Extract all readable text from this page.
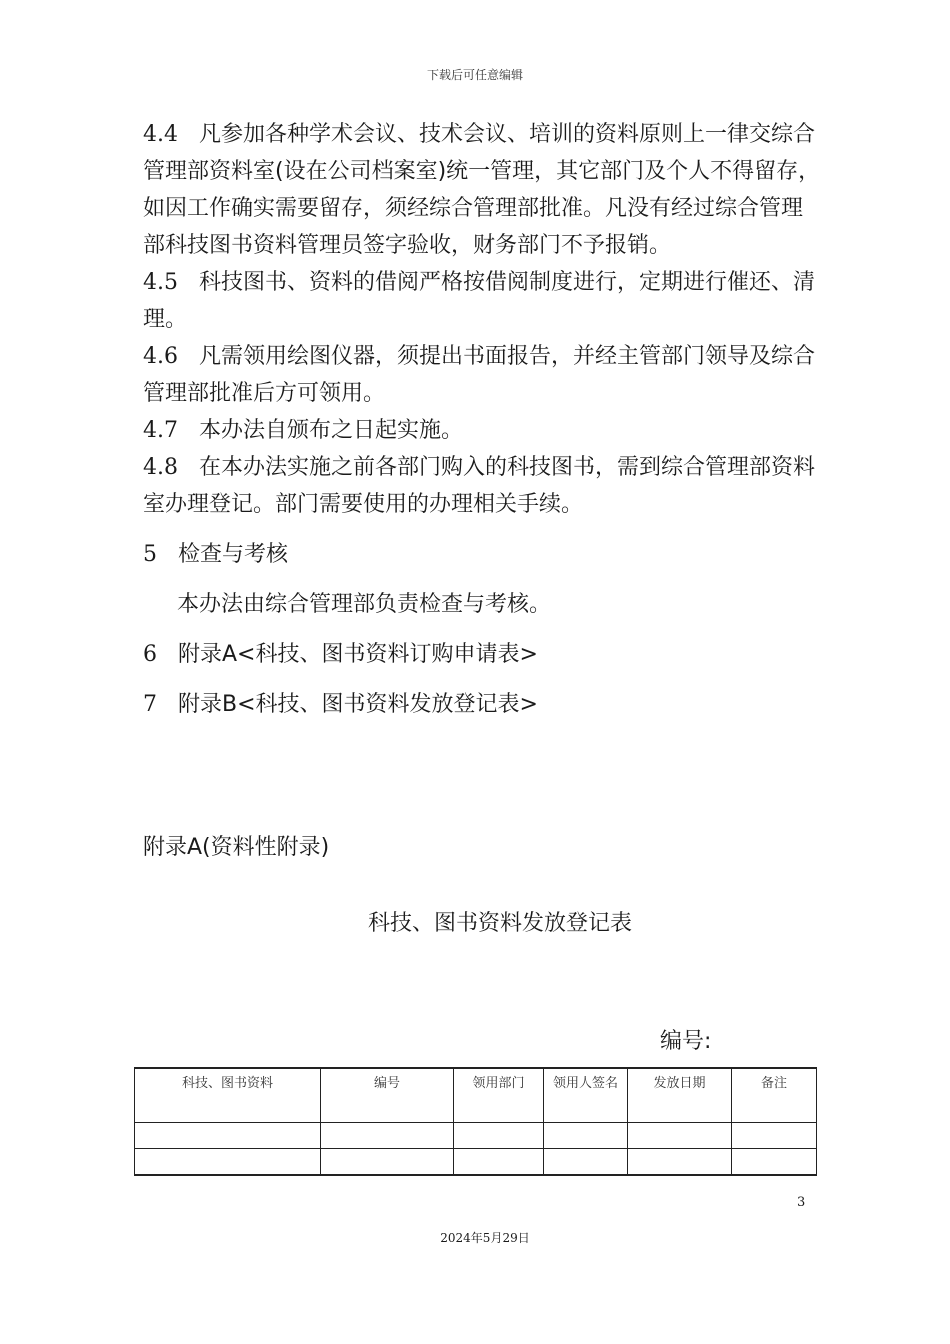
下载后可任意编辑

4.4 凡参加各种学术会议、技术会议、培训的资料原则上一律交综合管理部资料室(设在公司档案室)统一管理，其它部门及个人不得留存，如因工作确实需要留存，须经综合管理部批准。凡没有经过综合管理部科技图书资料管理员签字验收，财务部门不予报销。

4.5 科技图书、资料的借阅严格按借阅制度进行，定期进行催还、清理。

4.6 凡需领用绘图仪器，须提出书面报告，并经主管部门领导及综合管理部批准后方可领用。

4.7 本办法自颁布之日起实施。

4.8 在本办法实施之前各部门购入的科技图书，需到综合管理部资料室办理登记。部门需要使用的办理相关手续。

5 检查与考核

本办法由综合管理部负责检查与考核。

6 附录A<科技、图书资料订购申请表>

7 附录B<科技、图书资料发放登记表>

附录A(资料性附录)
科技、图书资料发放登记表
编号:
科技、图书资料	编号	领用部门	领用人签名	发放日期	备注

3
2024年5月29日
